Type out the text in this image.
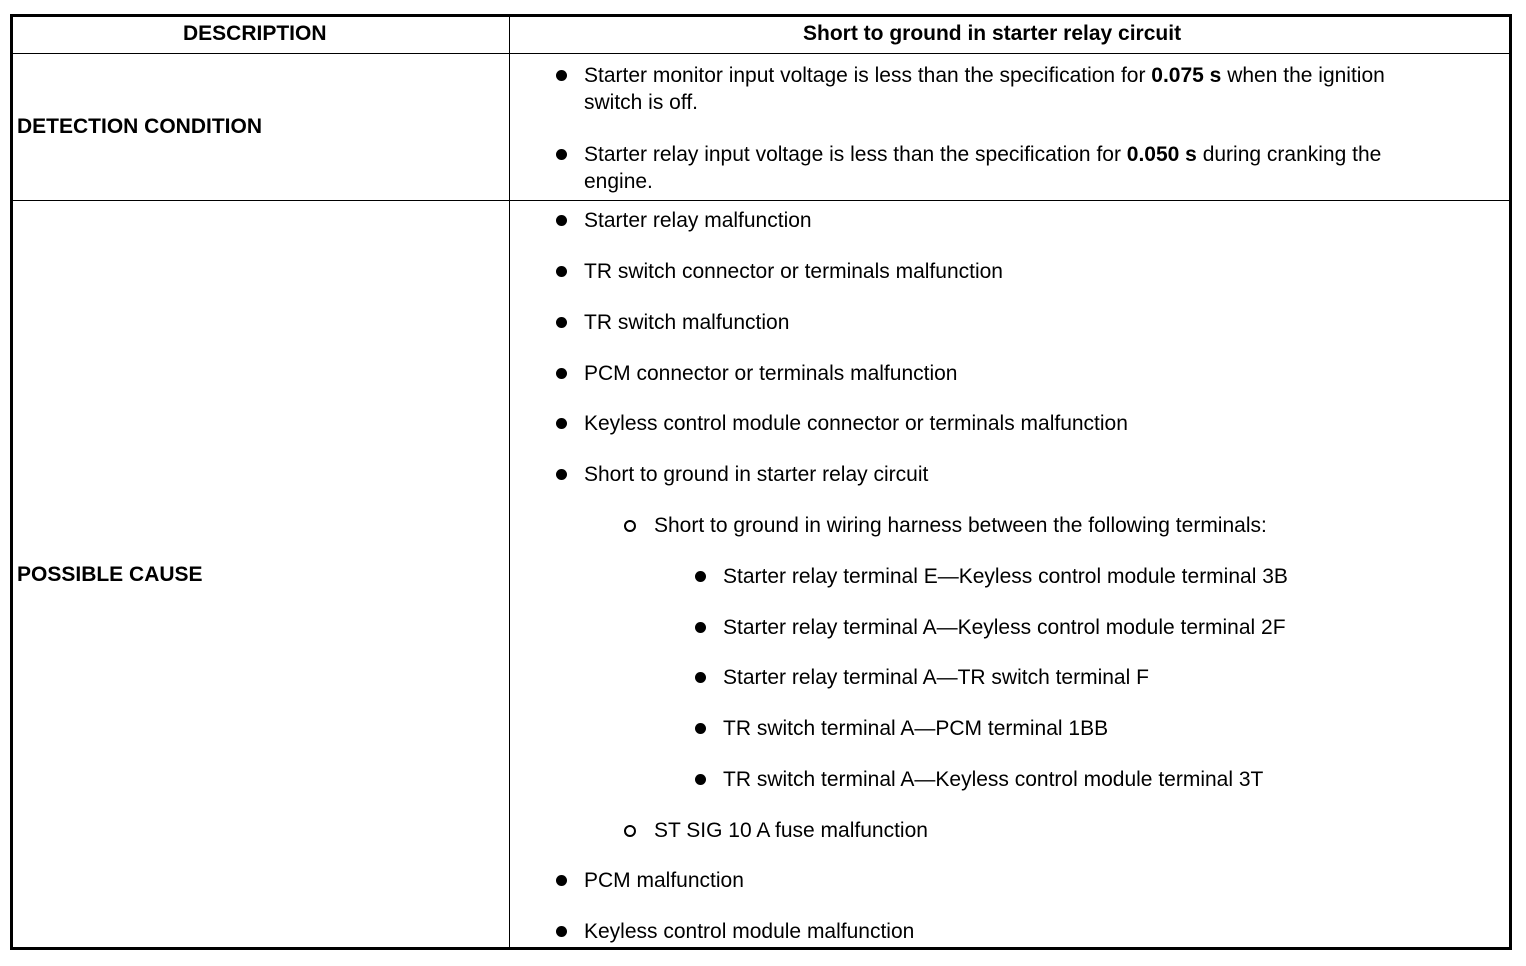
DESCRIPTION	Short to ground in starter relay circuit
DETECTION CONDITION
Starter monitor input voltage is less than the specification for 0.075 s when the ignition
switch is off.
Starter relay input voltage is less than the specification for 0.050 s during cranking the
engine.
POSSIBLE CAUSE
Starter relay malfunction
TR switch connector or terminals malfunction
TR switch malfunction
PCM connector or terminals malfunction
Keyless control module connector or terminals malfunction
Short to ground in starter relay circuit
Short to ground in wiring harness between the following terminals:
Starter relay terminal E—Keyless control module terminal 3B
Starter relay terminal A—Keyless control module terminal 2F
Starter relay terminal A—TR switch terminal F
TR switch terminal A—PCM terminal 1BB
TR switch terminal A—Keyless control module terminal 3T
ST SIG 10 A fuse malfunction
PCM malfunction
Keyless control module malfunction
